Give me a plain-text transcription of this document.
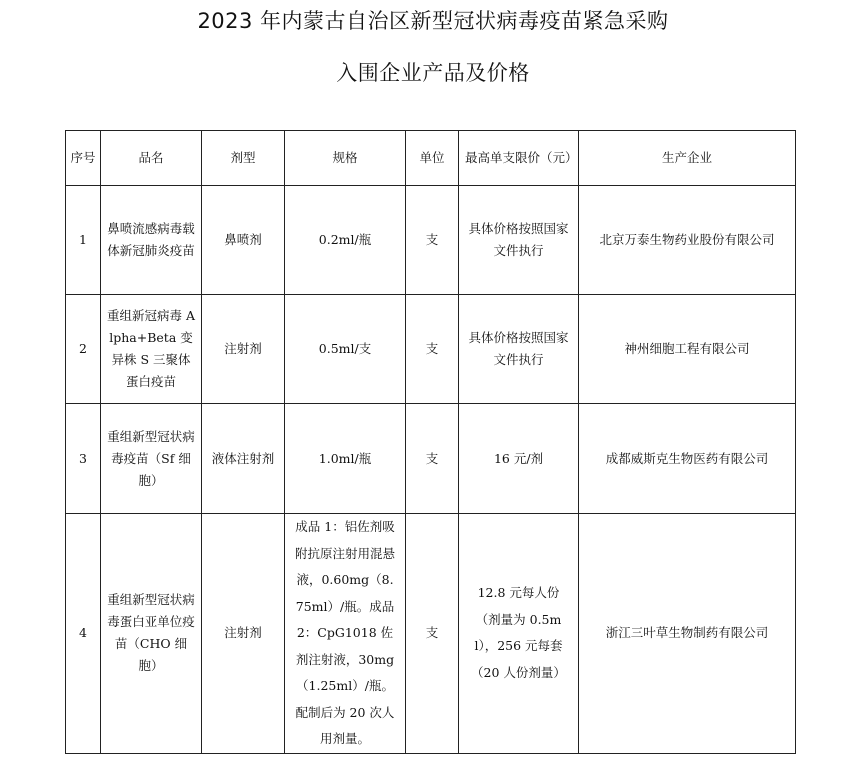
2023 年内蒙古自治区新型冠状病毒疫苗紧急采购
入围企业产品及价格
序号	品名	剂型	规格	单位	最高单支限价（元）	生产企业
1	鼻喷流感病毒载体新冠肺炎疫苗	鼻喷剂	0.2ml/瓶	支	具体价格按照国家文件执行	北京万泰生物药业股份有限公司
2	重组新冠病毒 Alpha+Beta 变异株 S 三聚体蛋白疫苗	注射剂	0.5ml/支	支	具体价格按照国家文件执行	神州细胞工程有限公司
3	重组新型冠状病毒疫苗（Sf 细胞）	液体注射剂	1.0ml/瓶	支	16 元/剂	成都威斯克生物医药有限公司
4	重组新型冠状病毒蛋白亚单位疫苗（CHO 细胞）	注射剂	成品 1：铝佐剂吸附抗原注射用混悬液，0.60mg（8.75ml）/瓶。成品 2：CpG1018 佐剂注射液，30mg（1.25ml）/瓶。配制后为 20 次人用剂量。	支	12.8 元每人份（剂量为 0.5ml），256 元每套（20 人份剂量）	浙江三叶草生物制药有限公司
